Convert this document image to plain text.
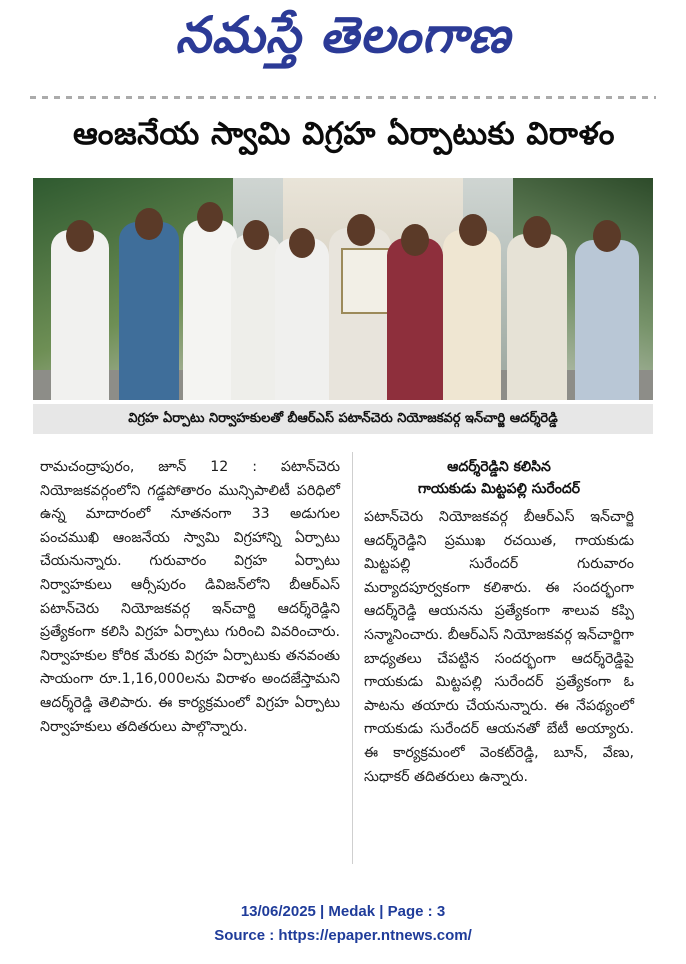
నమస్తే తెలంగాణ
ఆంజనేయ స్వామి విగ్రహ ఏర్పాటుకు విరాళం
విగ్రహ ఏర్పాటు నిర్వాహకులతో బీఆర్ఎస్ పటాన్‌చెరు నియోజకవర్గ ఇన్‌చార్జి ఆదర్శ్‌రెడ్డి

రామచంద్రాపురం, జూన్ 12 : పటాన్‌చెరు నియోజకవర్గంలోని గడ్డపోతారం మున్సిపాలిటీ పరిధిలో ఉన్న మాదారంలో నూతనంగా 33 అడుగుల పంచముఖి ఆంజనేయ స్వామి విగ్రహాన్ని ఏర్పాటు చేయనున్నారు. గురువారం విగ్రహ ఏర్పాటు నిర్వాహకులు ఆర్సీపురం డివిజన్‌లోని బీఆర్ఎస్ పటాన్‌చెరు నియోజకవర్గ ఇన్‌చార్జి ఆదర్శ్‌రెడ్డిని ప్రత్యేకంగా కలిసి విగ్రహ ఏర్పాటు గురించి వివరించారు. నిర్వాహకుల కోరిక మేరకు విగ్రహ ఏర్పాటుకు తనవంతు సాయంగా రూ.1,16,000లను విరాళం అందజేస్తామని ఆదర్శ్‌రెడ్డి తెలిపారు. ఈ కార్యక్రమంలో విగ్రహ ఏర్పాటు నిర్వాహకులు తదితరులు పాల్గొన్నారు.

ఆదర్శ్‌రెడ్డిని కలిసిన
గాయకుడు మిట్టపల్లి సురేందర్

పటాన్‌చెరు నియోజకవర్గ బీఆర్ఎస్ ఇన్‌చార్జి ఆదర్శ్‌రెడ్డిని ప్రముఖ రచయిత, గాయకుడు మిట్టపల్లి సురేందర్ గురువారం మర్యాదపూర్వకంగా కలిశారు. ఈ సందర్భంగా ఆదర్శ్‌రెడ్డి ఆయనను ప్రత్యేకంగా శాలువ కప్పి సన్మానించారు. బీఆర్ఎస్ నియోజకవర్గ ఇన్‌చార్జిగా బాధ్యతలు చేపట్టిన సందర్భంగా ఆదర్శ్‌రెడ్డిపై గాయకుడు మిట్టపల్లి సురేందర్ ప్రత్యేకంగా ఓ పాటను తయారు చేయనున్నారు. ఈ నేపథ్యంలో గాయకుడు సురేందర్ ఆయనతో బేటీ అయ్యారు. ఈ కార్యక్రమంలో వెంకట్‌రెడ్డి, బూన్, వేణు, సుధాకర్ తదితరులు ఉన్నారు.

13/06/2025 | Medak | Page : 3
Source : https://epaper.ntnews.com/
